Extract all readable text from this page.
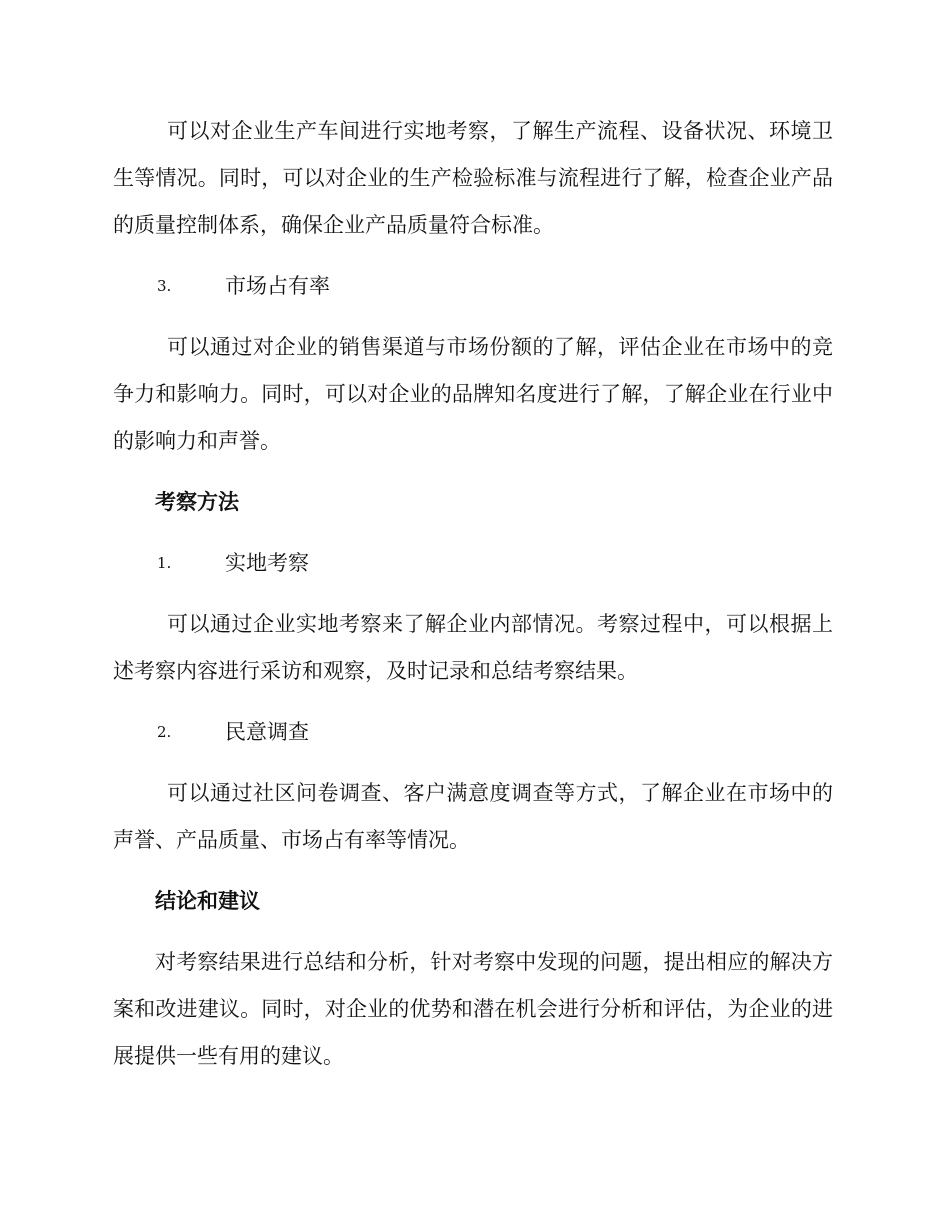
可以对企业生产车间进行实地考察，了解生产流程、设备状况、环境卫生等情况。同时，可以对企业的生产检验标准与流程进行了解，检查企业产品的质量控制体系，确保企业产品质量符合标准。

3.	市场占有率

可以通过对企业的销售渠道与市场份额的了解，评估企业在市场中的竞争力和影响力。同时，可以对企业的品牌知名度进行了解，了解企业在行业中的影响力和声誉。

考察方法

1.	实地考察

可以通过企业实地考察来了解企业内部情况。考察过程中，可以根据上述考察内容进行采访和观察，及时记录和总结考察结果。

2.	民意调查

可以通过社区问卷调查、客户满意度调查等方式，了解企业在市场中的声誉、产品质量、市场占有率等情况。

结论和建议

对考察结果进行总结和分析，针对考察中发现的问题，提出相应的解决方案和改进建议。同时，对企业的优势和潜在机会进行分析和评估，为企业的进展提供一些有用的建议。
